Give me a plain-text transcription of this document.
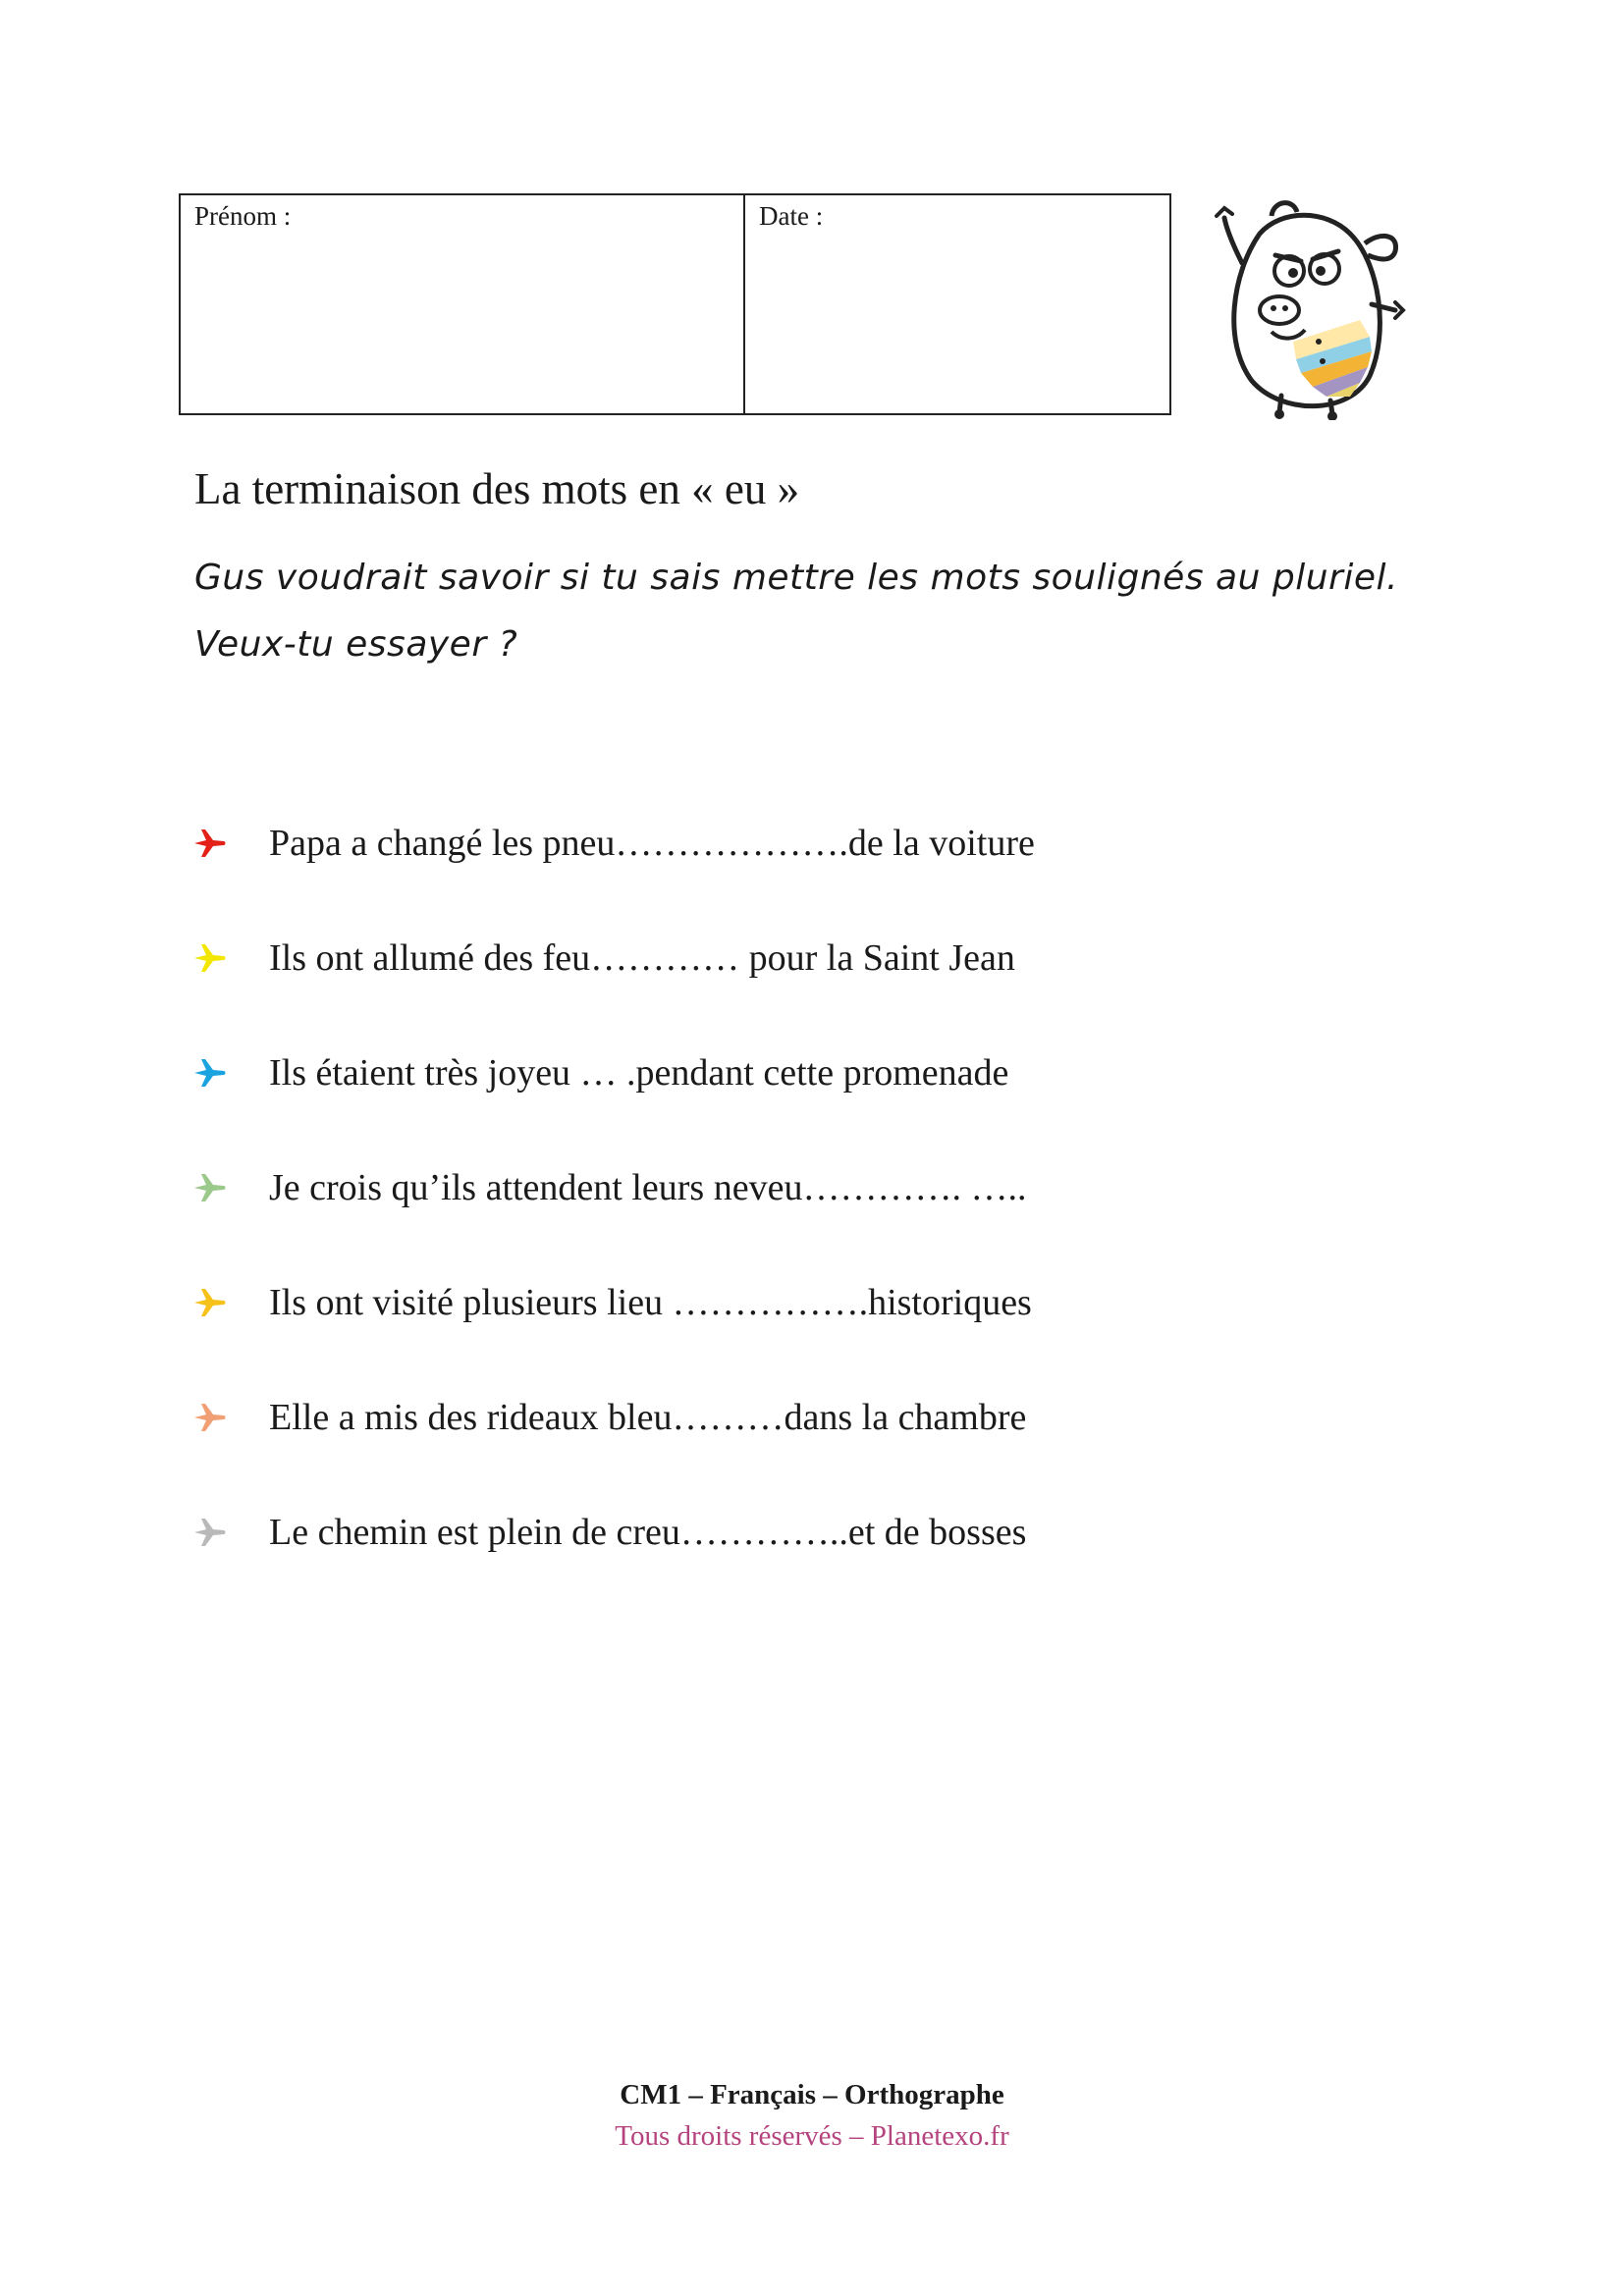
Prénom :	Date :
La terminaison des mots en « eu »

Gus voudrait savoir si tu sais mettre les mots soulignés au pluriel. Veux-tu essayer ?

Papa a changé les pneu……………….de la voiture
Ils ont allumé des feu………… pour la Saint Jean
Ils étaient très joyeu … .pendant cette promenade
Je crois qu’ils attendent leurs neveu…………. …..
Ils ont visité plusieurs lieu …………….historiques
Elle a mis des rideaux bleu………dans la chambre
Le chemin est plein de creu…………..et de bosses
CM1 – Français – Orthographe
Tous droits réservés – Planetexo.fr
